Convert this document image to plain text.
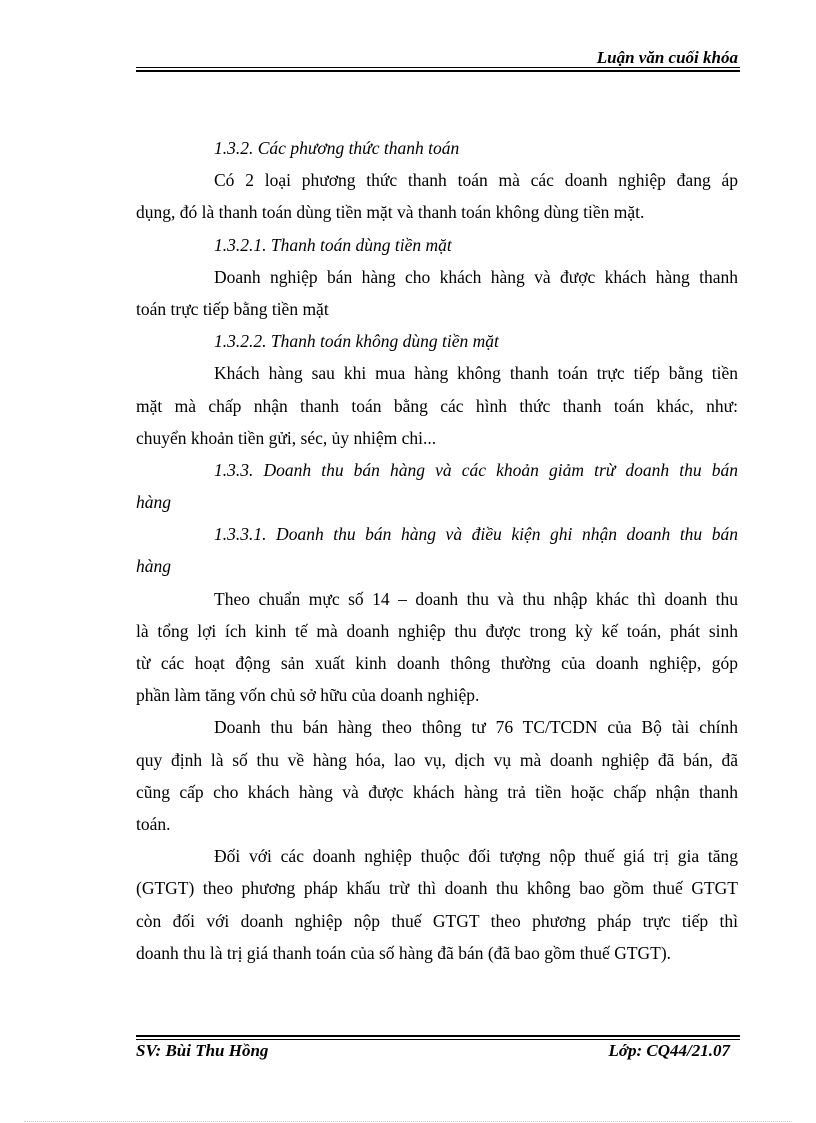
Luận văn cuối khóa
1.3.2. Các phương thức thanh toán
Có 2 loại phương thức thanh toán mà các doanh nghiệp đang áp
dụng, đó là thanh toán dùng tiền mặt và thanh toán không dùng tiền mặt.
1.3.2.1. Thanh toán dùng tiền mặt
Doanh nghiệp bán hàng cho khách hàng và được khách hàng thanh
toán trực tiếp bằng tiền mặt
1.3.2.2. Thanh toán không dùng tiền mặt
Khách hàng sau khi mua hàng không thanh toán trực tiếp bằng tiền
mặt mà chấp nhận thanh toán bằng các hình thức thanh toán khác, như:
chuyển khoản tiền gửi, séc, ủy nhiệm chi...
1.3.3. Doanh thu bán hàng và các khoản giảm trừ doanh thu bán
hàng
1.3.3.1. Doanh thu bán hàng và điều kiện ghi nhận doanh thu bán
hàng
Theo chuẩn mực số 14 – doanh thu và thu nhập khác thì doanh thu
là tổng lợi ích kinh tế mà doanh nghiệp thu được trong kỳ kế toán, phát sinh
từ các hoạt động sản xuất kinh doanh thông thường của doanh nghiệp, góp
phần làm tăng vốn chủ sở hữu của doanh nghiệp.
Doanh thu bán hàng theo thông tư 76 TC/TCDN của Bộ tài chính
quy định là số thu về hàng hóa, lao vụ, dịch vụ mà doanh nghiệp đã bán, đã
cũng cấp cho khách hàng và được khách hàng trả tiền hoặc chấp nhận thanh
toán.
Đối với các doanh nghiệp thuộc đối tượng nộp thuế giá trị gia tăng
(GTGT) theo phương pháp khấu trừ thì doanh thu không bao gồm thuế GTGT
còn đối với doanh nghiệp nộp thuế GTGT theo phương pháp trực tiếp thì
doanh thu là trị giá thanh toán của số hàng đã bán (đã bao gồm thuế GTGT).
SV: Bùi Thu Hồng	Lớp: CQ44/21.07
